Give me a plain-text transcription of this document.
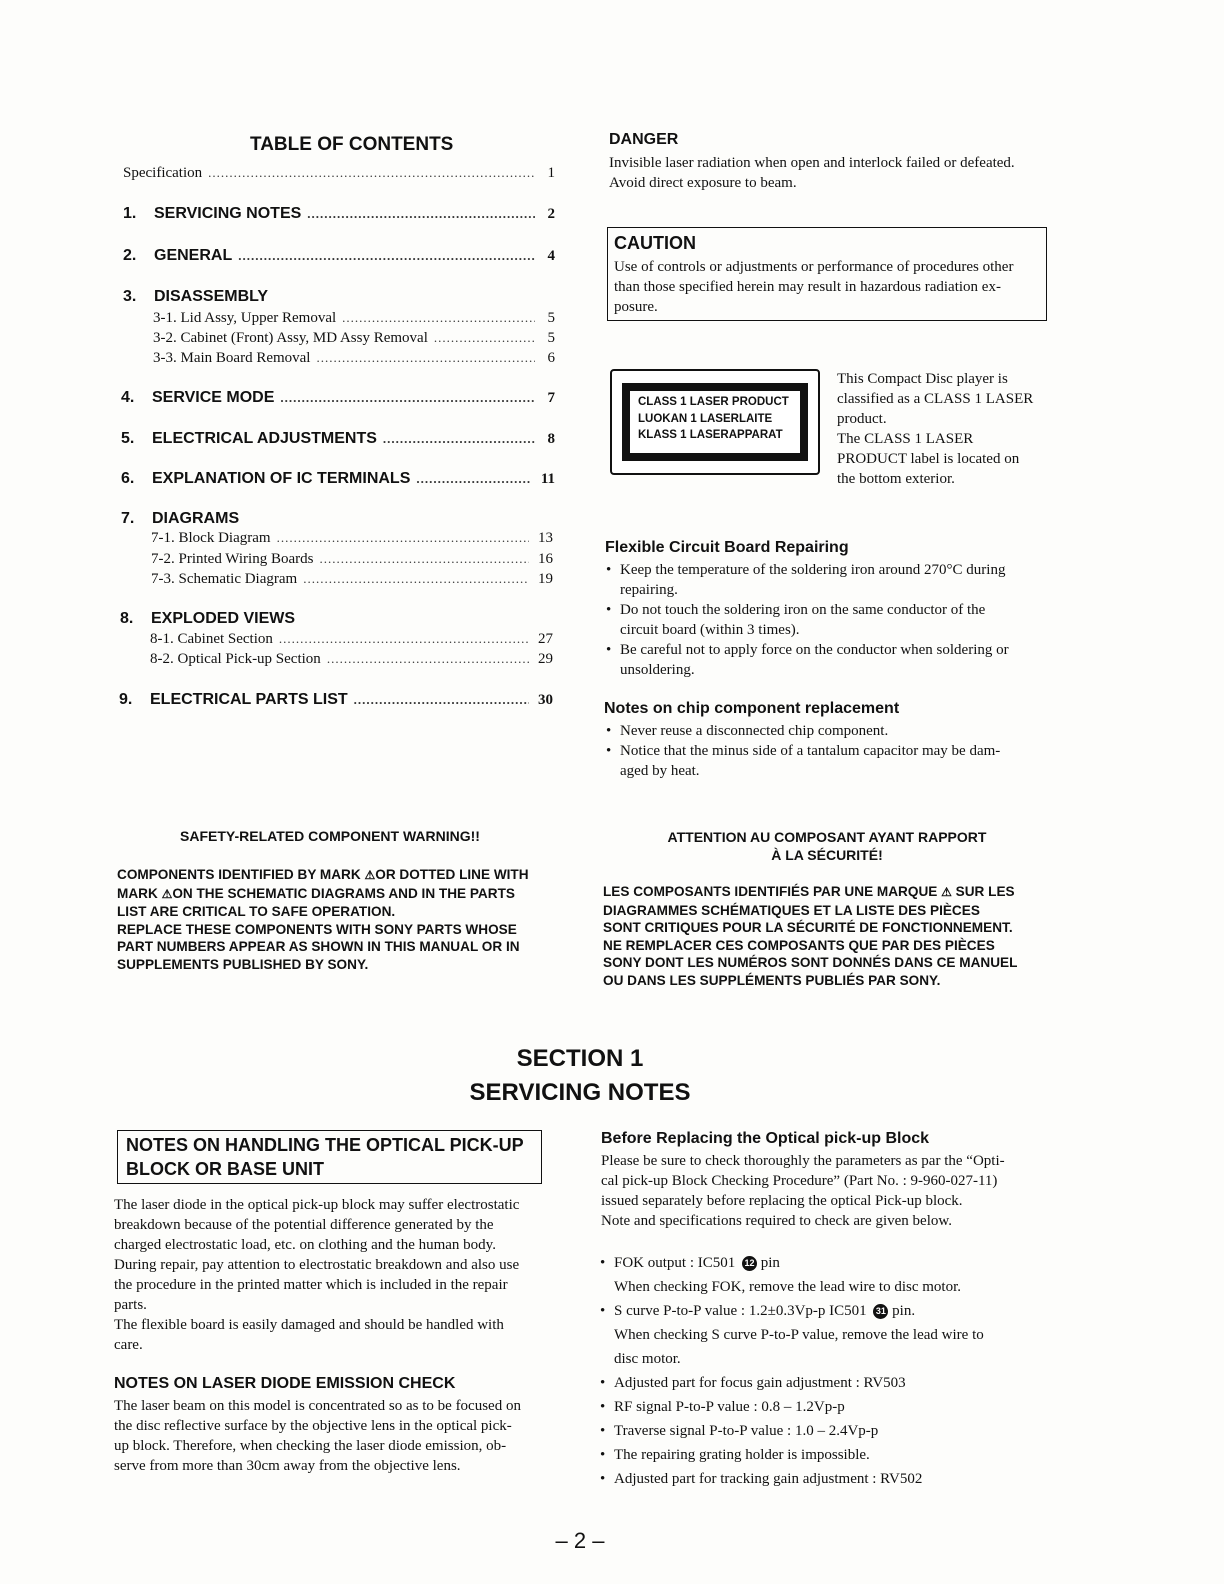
TABLE OF CONTENTS
Specification .....	1
1.	SERVICING NOTES .....	2
2.	GENERAL .....	4
3.	DISASSEMBLY
3-1. Lid Assy, Upper Removal .....	5
3-2. Cabinet (Front) Assy, MD Assy Removal .....	5
3-3. Main Board Removal .....	6
4.	SERVICE MODE .....	7
5.	ELECTRICAL ADJUSTMENTS .....	8
6.	EXPLANATION OF IC TERMINALS .....	11
7.	DIAGRAMS
7-1. Block Diagram .....	13
7-2. Printed Wiring Boards .....	16
7-3. Schematic Diagram .....	19
8.	EXPLODED VIEWS
8-1. Cabinet Section .....	27
8-2. Optical Pick-up Section .....	29
9.	ELECTRICAL PARTS LIST .....	30
DANGER
Invisible laser radiation when open and interlock failed or defeated.
Avoid direct exposure to beam.
CAUTION
Use of controls or adjustments or performance of procedures other
than those specified herein may result in hazardous radiation ex-
posure.
CLASS 1 LASER PRODUCT
LUOKAN 1 LASERLAITE
KLASS 1 LASERAPPARAT
This Compact Disc player is
classified as a CLASS 1 LASER
product.
The CLASS 1 LASER
PRODUCT label is located on
the bottom exterior.
Flexible Circuit Board Repairing
• Keep the temperature of the soldering iron around 270°C during
repairing.
• Do not touch the soldering iron on the same conductor of the
circuit board (within 3 times).
• Be careful not to apply force on the conductor when soldering or
unsoldering.
Notes on chip component replacement
• Never reuse a disconnected chip component.
• Notice that the minus side of a tantalum capacitor may be dam-
aged by heat.
SAFETY-RELATED COMPONENT WARNING!!
COMPONENTS IDENTIFIED BY MARK ⚠OR DOTTED LINE WITH
MARK ⚠ON THE SCHEMATIC DIAGRAMS AND IN THE PARTS
LIST ARE CRITICAL TO SAFE OPERATION.
REPLACE THESE COMPONENTS WITH SONY PARTS WHOSE
PART NUMBERS APPEAR AS SHOWN IN THIS MANUAL OR IN
SUPPLEMENTS PUBLISHED BY SONY.
ATTENTION AU COMPOSANT AYANT RAPPORT
À LA SÉCURITÉ!
LES COMPOSANTS IDENTIFIÉS PAR UNE MARQUE ⚠ SUR LES
DIAGRAMMES SCHÉMATIQUES ET LA LISTE DES PIÈCES
SONT CRITIQUES POUR LA SÉCURITÉ DE FONCTIONNEMENT.
NE REMPLACER CES COMPOSANTS QUE PAR DES PIÈCES
SONY DONT LES NUMÉROS SONT DONNÉS DANS CE MANUEL
OU DANS LES SUPPLÉMENTS PUBLIÉS PAR SONY.
SECTION 1
SERVICING NOTES
NOTES ON HANDLING THE OPTICAL PICK-UP
BLOCK OR BASE UNIT
The laser diode in the optical pick-up block may suffer electrostatic
breakdown because of the potential difference generated by the
charged electrostatic load, etc. on clothing and the human body.
During repair, pay attention to electrostatic breakdown and also use
the procedure in the printed matter which is included in the repair
parts.
The flexible board is easily damaged and should be handled with
care.
NOTES ON LASER DIODE EMISSION CHECK
The laser beam on this model is concentrated so as to be focused on
the disc reflective surface by the objective lens in the optical pick-
up block. Therefore, when checking the laser diode emission, ob-
serve from more than 30cm away from the objective lens.
Before Replacing the Optical pick-up Block
Please be sure to check thoroughly the parameters as par the “Opti-
cal pick-up Block Checking Procedure” (Part No. : 9-960-027-11)
issued separately before replacing the optical Pick-up block.
Note and specifications required to check are given below.
• FOK output : IC501 12 pin
When checking FOK, remove the lead wire to disc motor.
• S curve P-to-P value : 1.2±0.3Vp-p IC501 31 pin.
When checking S curve P-to-P value, remove the lead wire to
disc motor.
• Adjusted part for focus gain adjustment : RV503
• RF signal P-to-P value : 0.8 – 1.2Vp-p
• Traverse signal P-to-P value : 1.0 – 2.4Vp-p
• The repairing grating holder is impossible.
• Adjusted part for tracking gain adjustment : RV502
– 2 –
